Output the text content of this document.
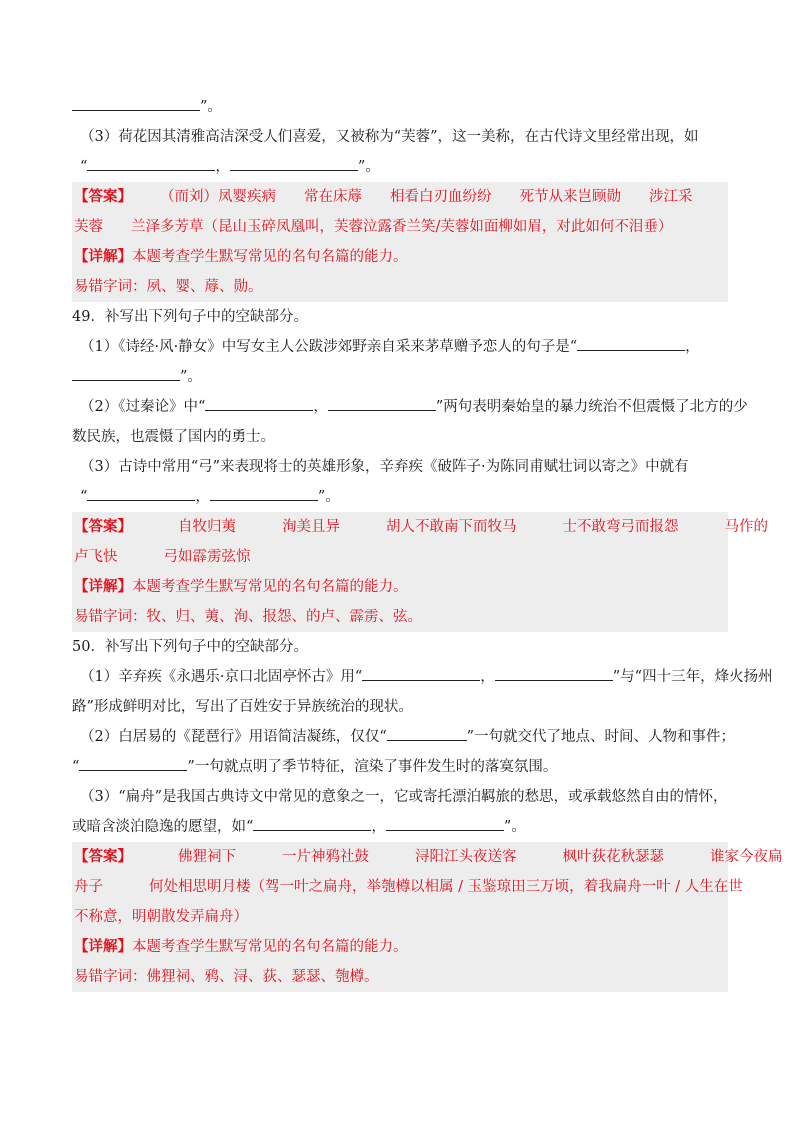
”。
（3）荷花因其清雅高洁深受人们喜爱，又被称为“芙蓉”，这一美称，在古代诗文里经常出现，如
“	，	”。
【答案】 （而刘）凤婴疾病 常在床蓐 相看白刃血纷纷 死节从来岂顾勋 涉江采
芙蓉 兰泽多芳草（昆山玉碎凤凰叫，芙蓉泣露香兰笑/芙蓉如面柳如眉，对此如何不泪垂）
【详解】本题考查学生默写常见的名句名篇的能力。
易错字词：夙、婴、蓐、勋。
49．补写出下列句子中的空缺部分。
（1）《诗经·风·静女》中写女主人公跋涉郊野亲自采来茅草赠予恋人的句子是“	，
”。
（2）《过秦论》中“	，	”两句表明秦始皇的暴力统治不但震慑了北方的少
数民族，也震慑了国内的勇士。
（3）古诗中常用“弓”来表现将士的英雄形象，辛弃疾《破阵子·为陈同甫赋壮词以寄之》中就有
“	，	”。
【答案】	自牧归荑	洵美且异	胡人不敢南下而牧马	士不敢弯弓而报怨	马作的
卢飞快	弓如霹雳弦惊
【详解】本题考查学生默写常见的名句名篇的能力。
易错字词：牧、归、荑、洵、报怨、的卢、霹雳、弦。
50．补写出下列句子中的空缺部分。
（1）辛弃疾《永遇乐·京口北固亭怀古》用“	，	”与“四十三年，烽火扬州
路”形成鲜明对比，写出了百姓安于异族统治的现状。
（2）白居易的《琵琶行》用语简洁凝练，仅仅“	”一句就交代了地点、时间、人物和事件；
“	”一句就点明了季节特征，渲染了事件发生时的落寞氛围。
（3）“扁舟”是我国古典诗文中常见的意象之一，它或寄托漂泊羁旅的愁思，或承载悠然自由的情怀，
或暗含淡泊隐逸的愿望，如“	，	”。
【答案】	佛狸祠下	一片神鸦社鼓	浔阳江头夜送客	枫叶荻花秋瑟瑟	谁家今夜扁
舟子	何处相思明月楼（驾一叶之扁舟，举匏樽以相属 / 玉鉴琼田三万顷，着我扁舟一叶 / 人生在世
不称意，明朝散发弄扁舟）
【详解】本题考查学生默写常见的名句名篇的能力。
易错字词：佛狸祠、鸦、浔、荻、瑟瑟、匏樽。
